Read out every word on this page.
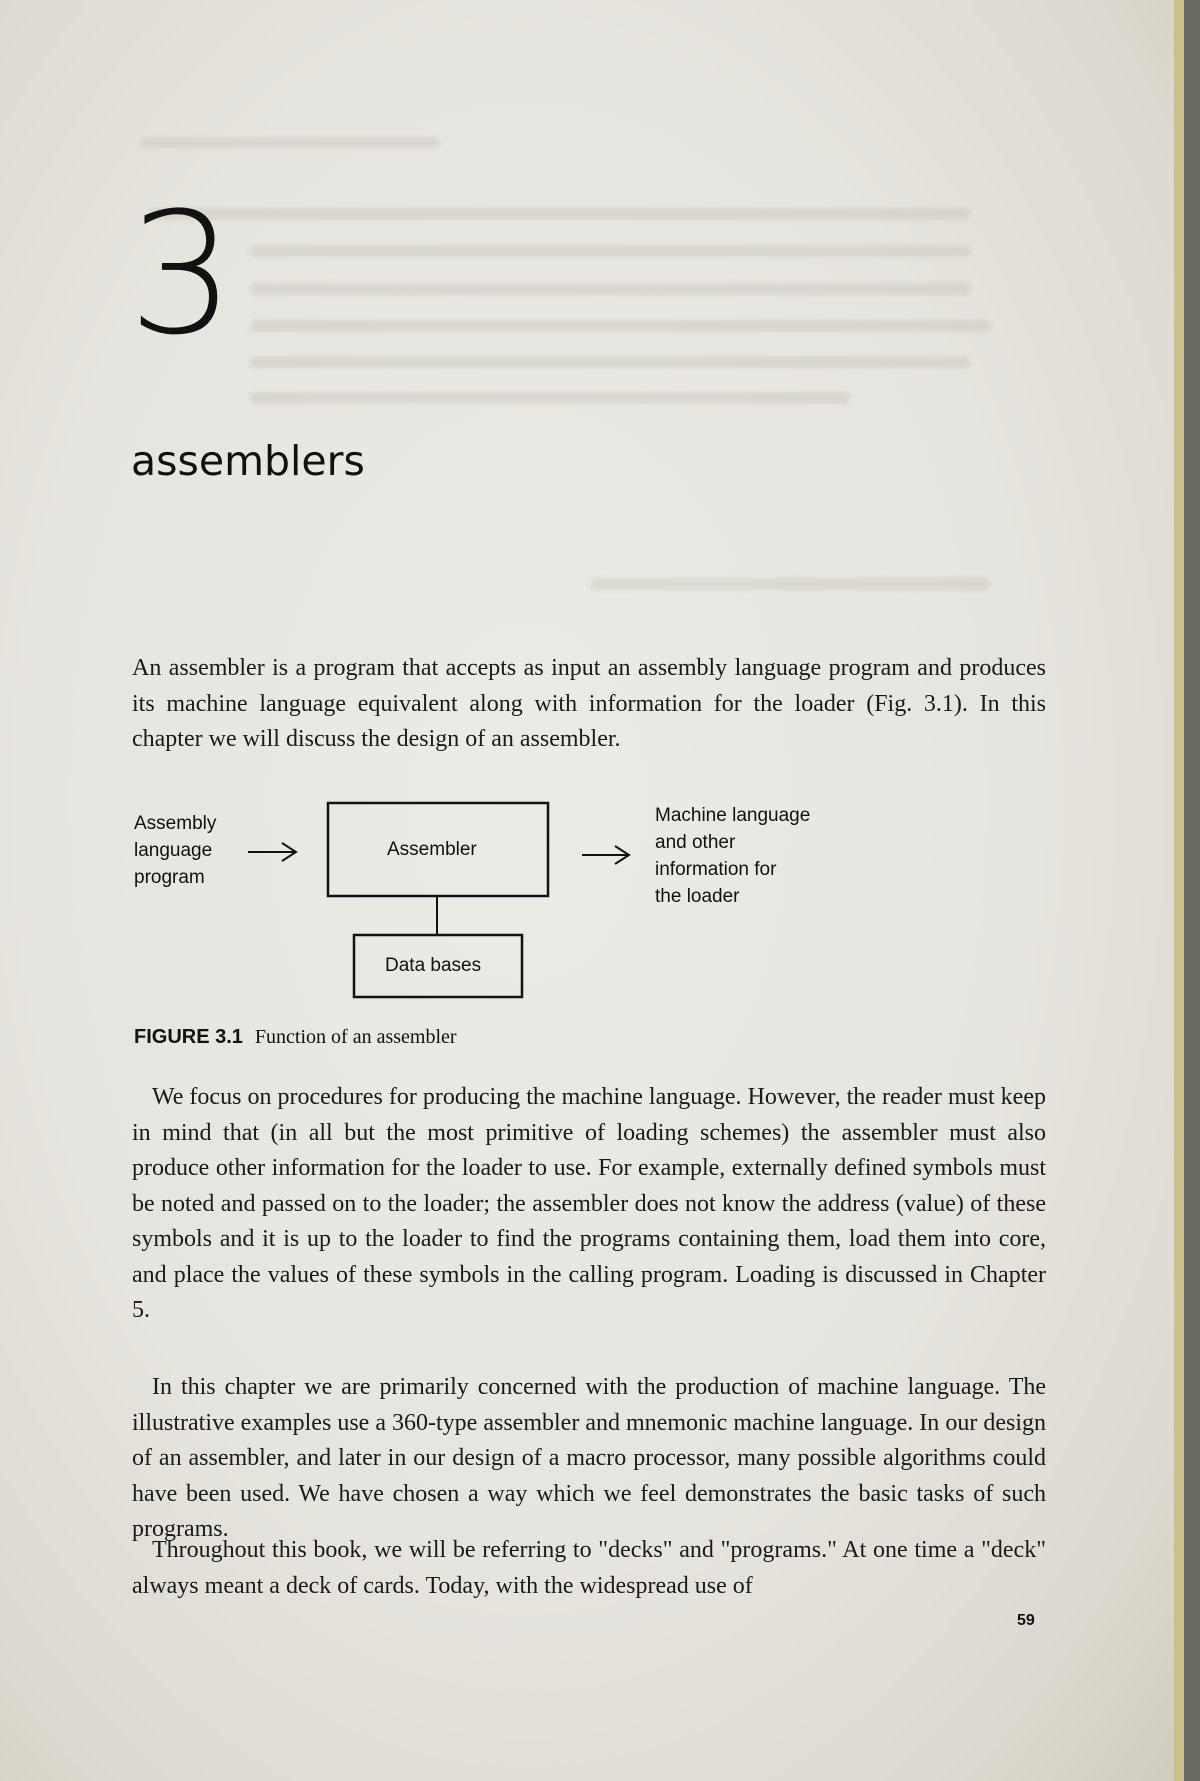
3
assemblers

An assembler is a program that accepts as input an assembly language program and produces its machine language equivalent along with information for the loader (Fig. 3.1). In this chapter we will discuss the design of an assembler.

Assembly
language
program
Assembler
Machine language
and other
information for
the loader
Data bases
FIGURE 3.1 Function of an assembler

We focus on procedures for producing the machine language. However, the reader must keep in mind that (in all but the most primitive of loading schemes) the assembler must also produce other information for the loader to use. For example, externally defined symbols must be noted and passed on to the loader; the assembler does not know the address (value) of these symbols and it is up to the loader to find the programs containing them, load them into core, and place the values of these symbols in the calling program. Loading is discussed in Chapter 5.

In this chapter we are primarily concerned with the production of machine language. The illustrative examples use a 360-type assembler and mnemonic machine language. In our design of an assembler, and later in our design of a macro processor, many possible algorithms could have been used. We have chosen a way which we feel demonstrates the basic tasks of such programs.

Throughout this book, we will be referring to "decks" and "programs." At one time a "deck" always meant a deck of cards. Today, with the widespread use of

59
